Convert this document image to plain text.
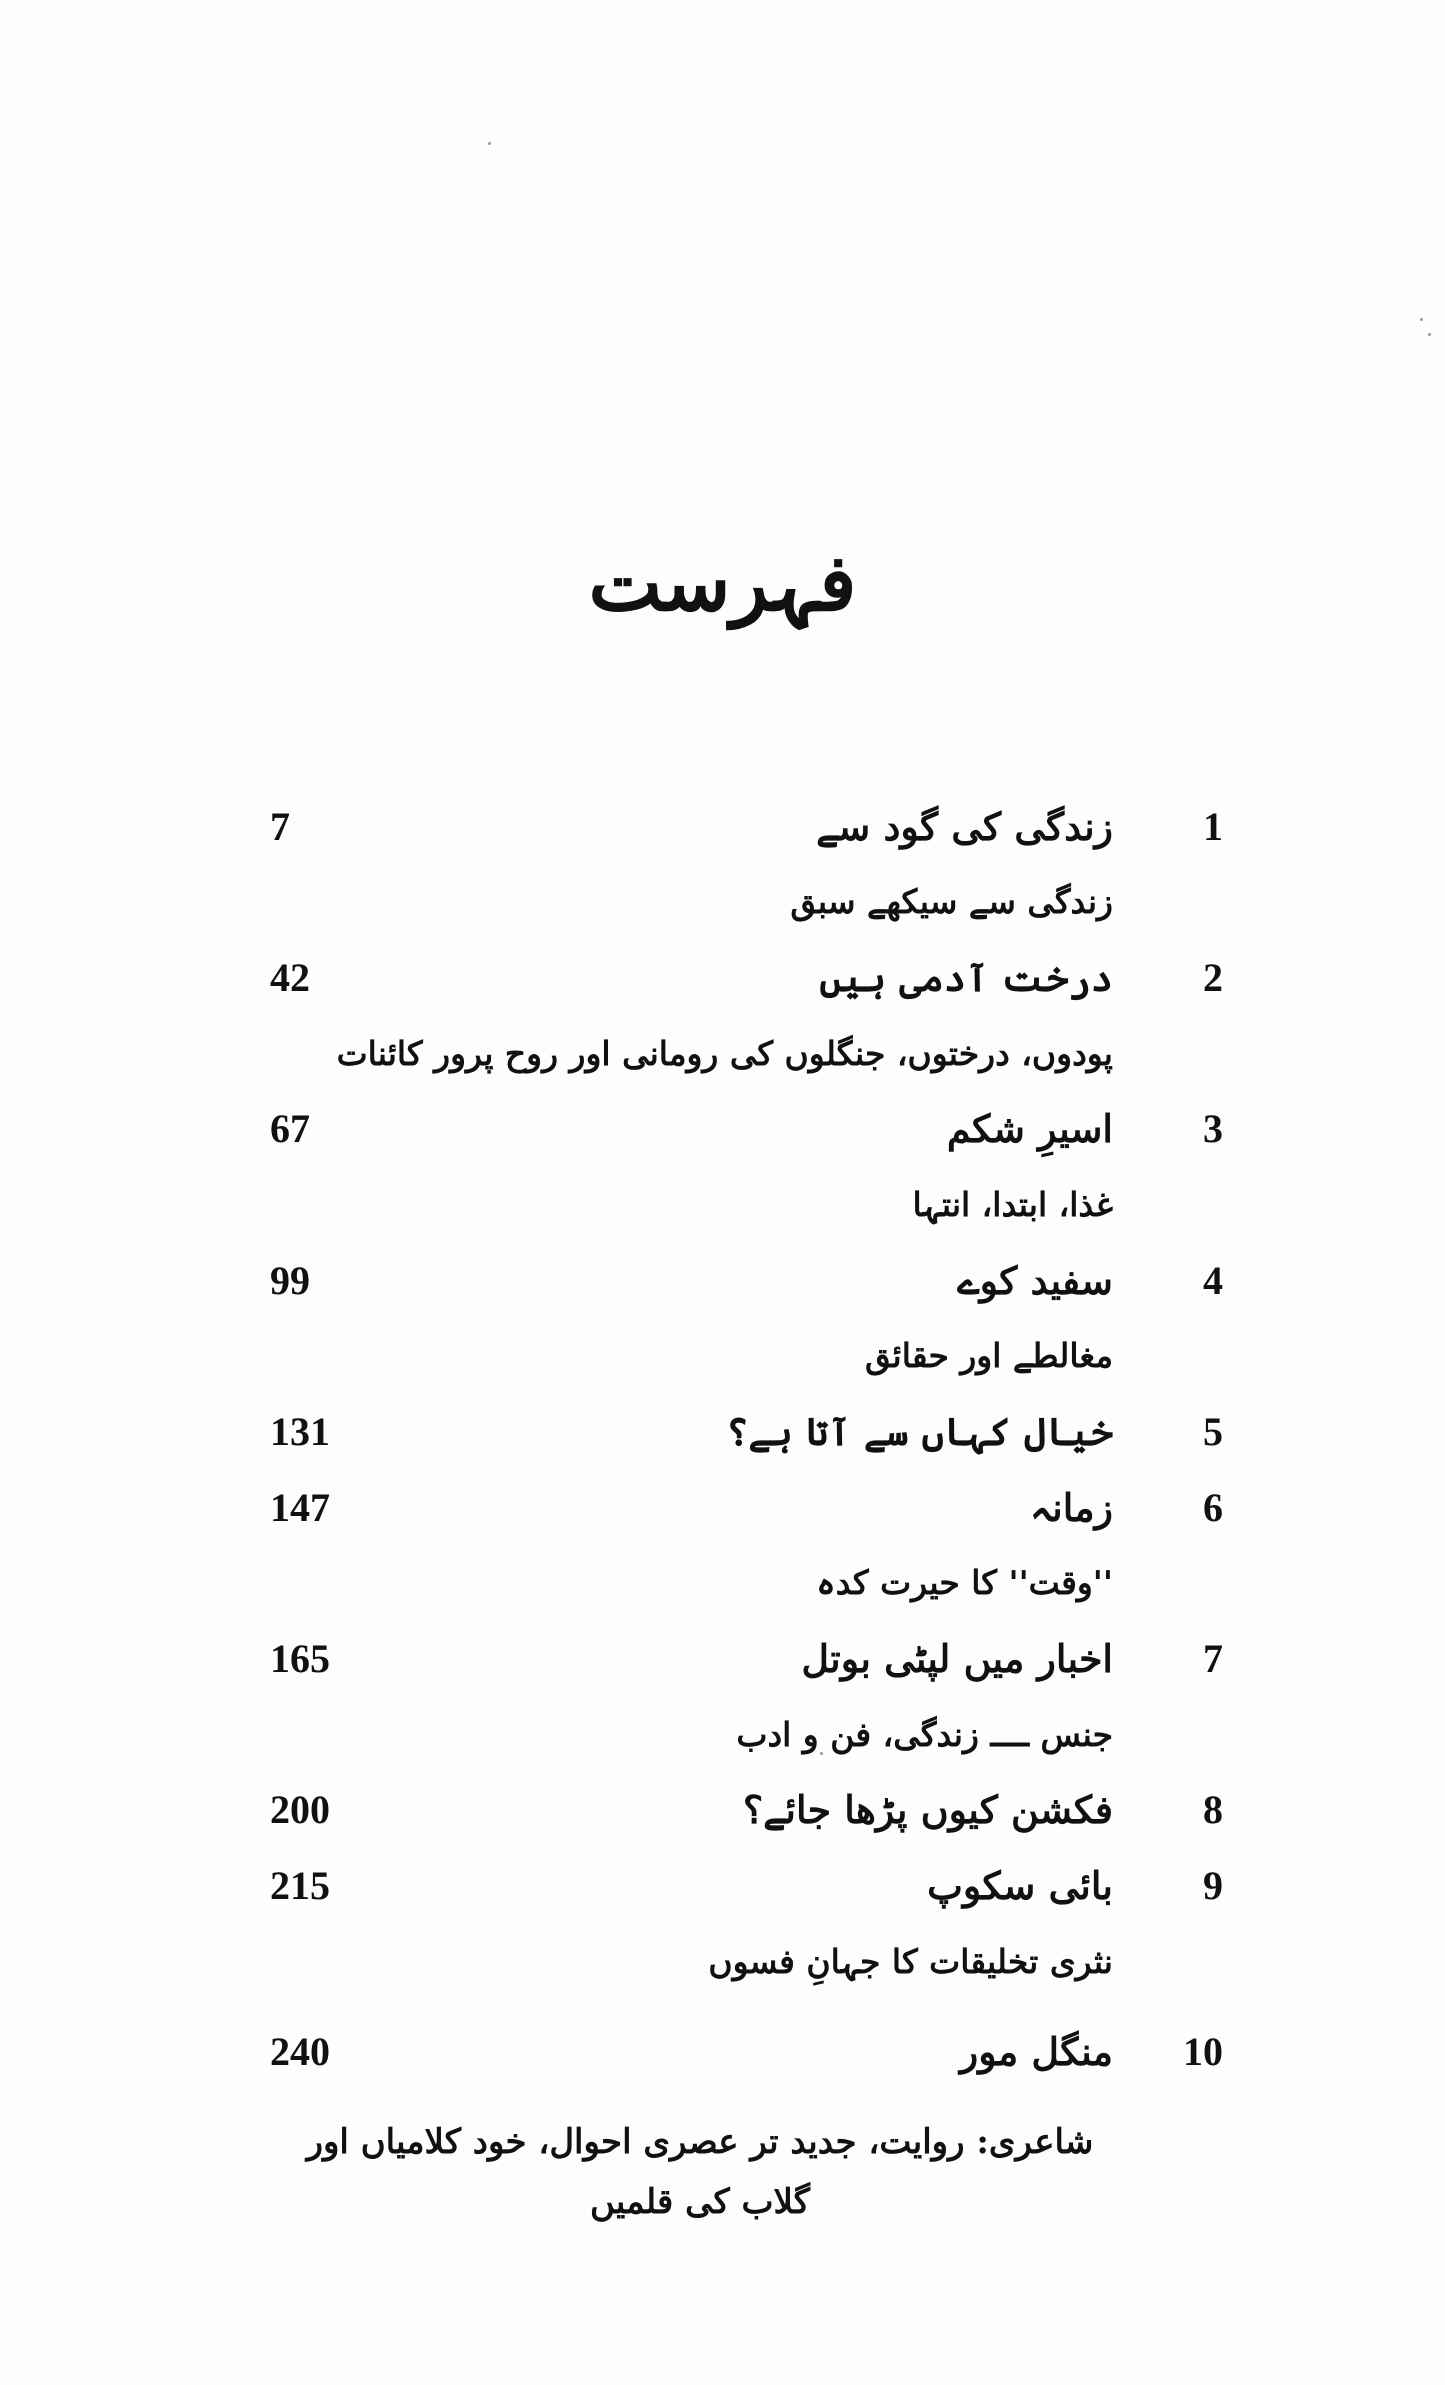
فہرست
1
زندگی کی گود سے
7
زندگی سے سیکھے سبق
2
درخت آدمی ہیں
42
پودوں، درختوں، جنگلوں کی رومانی اور روح پرور کائنات
3
اسیرِ شکم
67
غذا، ابتدا، انتہا
4
سفید کوے
99
مغالطے اور حقائق
5
خیال کہاں سے آتا ہے؟
131
6
زمانہ
147
''وقت'' کا حیرت کدہ
7
اخبار میں لپٹی بوتل
165
جنس ــــ زندگی، فن و ادب
8
فکشن کیوں پڑھا جائے؟
200
9
بائی سکوپ
215
نثری تخلیقات کا جہانِ فسوں
10
منگل مور
240
شاعری: روایت، جدید تر عصری احوال، خود کلامیاں اور گلاب کی قلمیں
